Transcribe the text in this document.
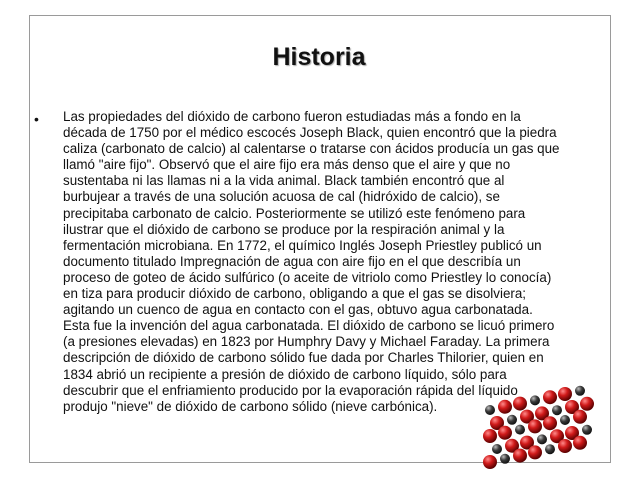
Historia
• Las propiedades del dióxido de carbono fueron estudiadas más a fondo en la
década de 1750 por el médico escocés Joseph Black, quien encontró que la piedra
caliza (carbonato de calcio) al calentarse o tratarse con ácidos producía un gas que
llamó "aire fijo". Observó que el aire fijo era más denso que el aire y que no
sustentaba ni las llamas ni a la vida animal. Black también encontró que al
burbujear a través de una solución acuosa de cal (hidróxido de calcio), se
precipitaba carbonato de calcio. Posteriormente se utilizó este fenómeno para
ilustrar que el dióxido de carbono se produce por la respiración animal y la
fermentación microbiana. En 1772, el químico Inglés Joseph Priestley publicó un
documento titulado Impregnación de agua con aire fijo en el que describía un
proceso de goteo de ácido sulfúrico (o aceite de vitriolo como Priestley lo conocía)
en tiza para producir dióxido de carbono, obligando a que el gas se disolviera;
agitando un cuenco de agua en contacto con el gas, obtuvo agua carbonatada.
Esta fue la invención del agua carbonatada. El dióxido de carbono se licuó primero
(a presiones elevadas) en 1823 por Humphry Davy y Michael Faraday. La primera
descripción de dióxido de carbono sólido fue dada por Charles Thilorier, quien en
1834 abrió un recipiente a presión de dióxido de carbono líquido, sólo para
descubrir que el enfriamiento producido por la evaporación rápida del líquido
produjo "nieve" de dióxido de carbono sólido (nieve carbónica).
